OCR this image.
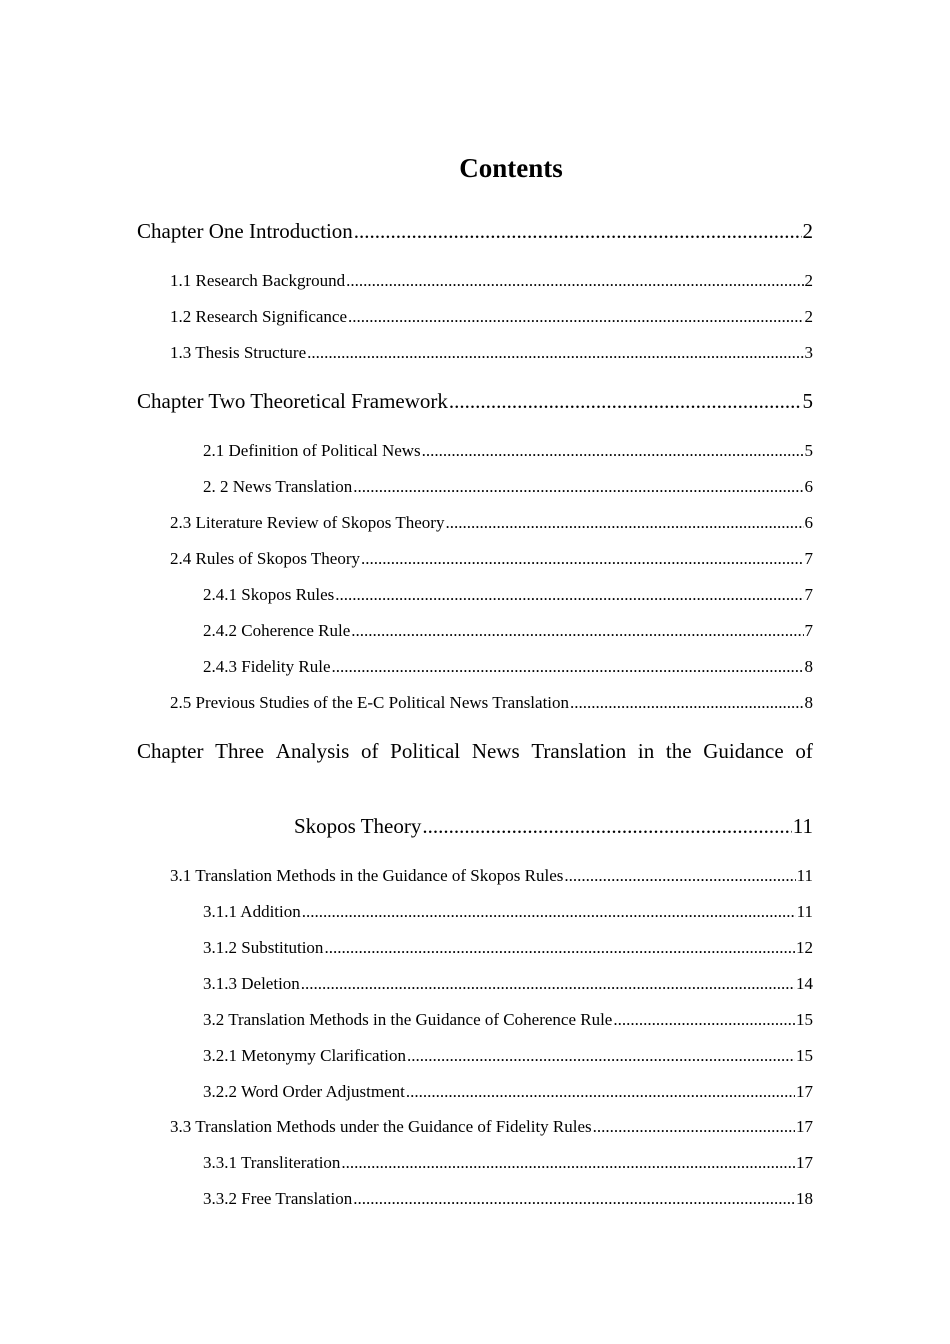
Contents
Chapter One Introduction .....	2
1.1 Research Background .....	2
1.2 Research Significance .....	2
1.3 Thesis Structure .....	3
Chapter Two Theoretical Framework .....	5
2.1 Definition of Political News .....	5
2. 2 News Translation .....	6
2.3 Literature Review of Skopos Theory .....	6
2.4 Rules of Skopos Theory .....	7
2.4.1 Skopos Rules .....	7
2.4.2 Coherence Rule .....	7
2.4.3 Fidelity Rule .....	8
2.5 Previous Studies of the E-C Political News Translation .....	8
Chapter Three Analysis of Political News Translation in the Guidance of
Skopos Theory .....	11
3.1 Translation Methods in the Guidance of Skopos Rules .....	11
3.1.1 Addition .....	11
3.1.2 Substitution .....	12
3.1.3 Deletion .....	14
3.2 Translation Methods in the Guidance of Coherence Rule .....	15
3.2.1 Metonymy Clarification .....	15
3.2.2 Word Order Adjustment .....	17
3.3 Translation Methods under the Guidance of Fidelity Rules .....	17
3.3.1 Transliteration .....	17
3.3.2 Free Translation .....	18
